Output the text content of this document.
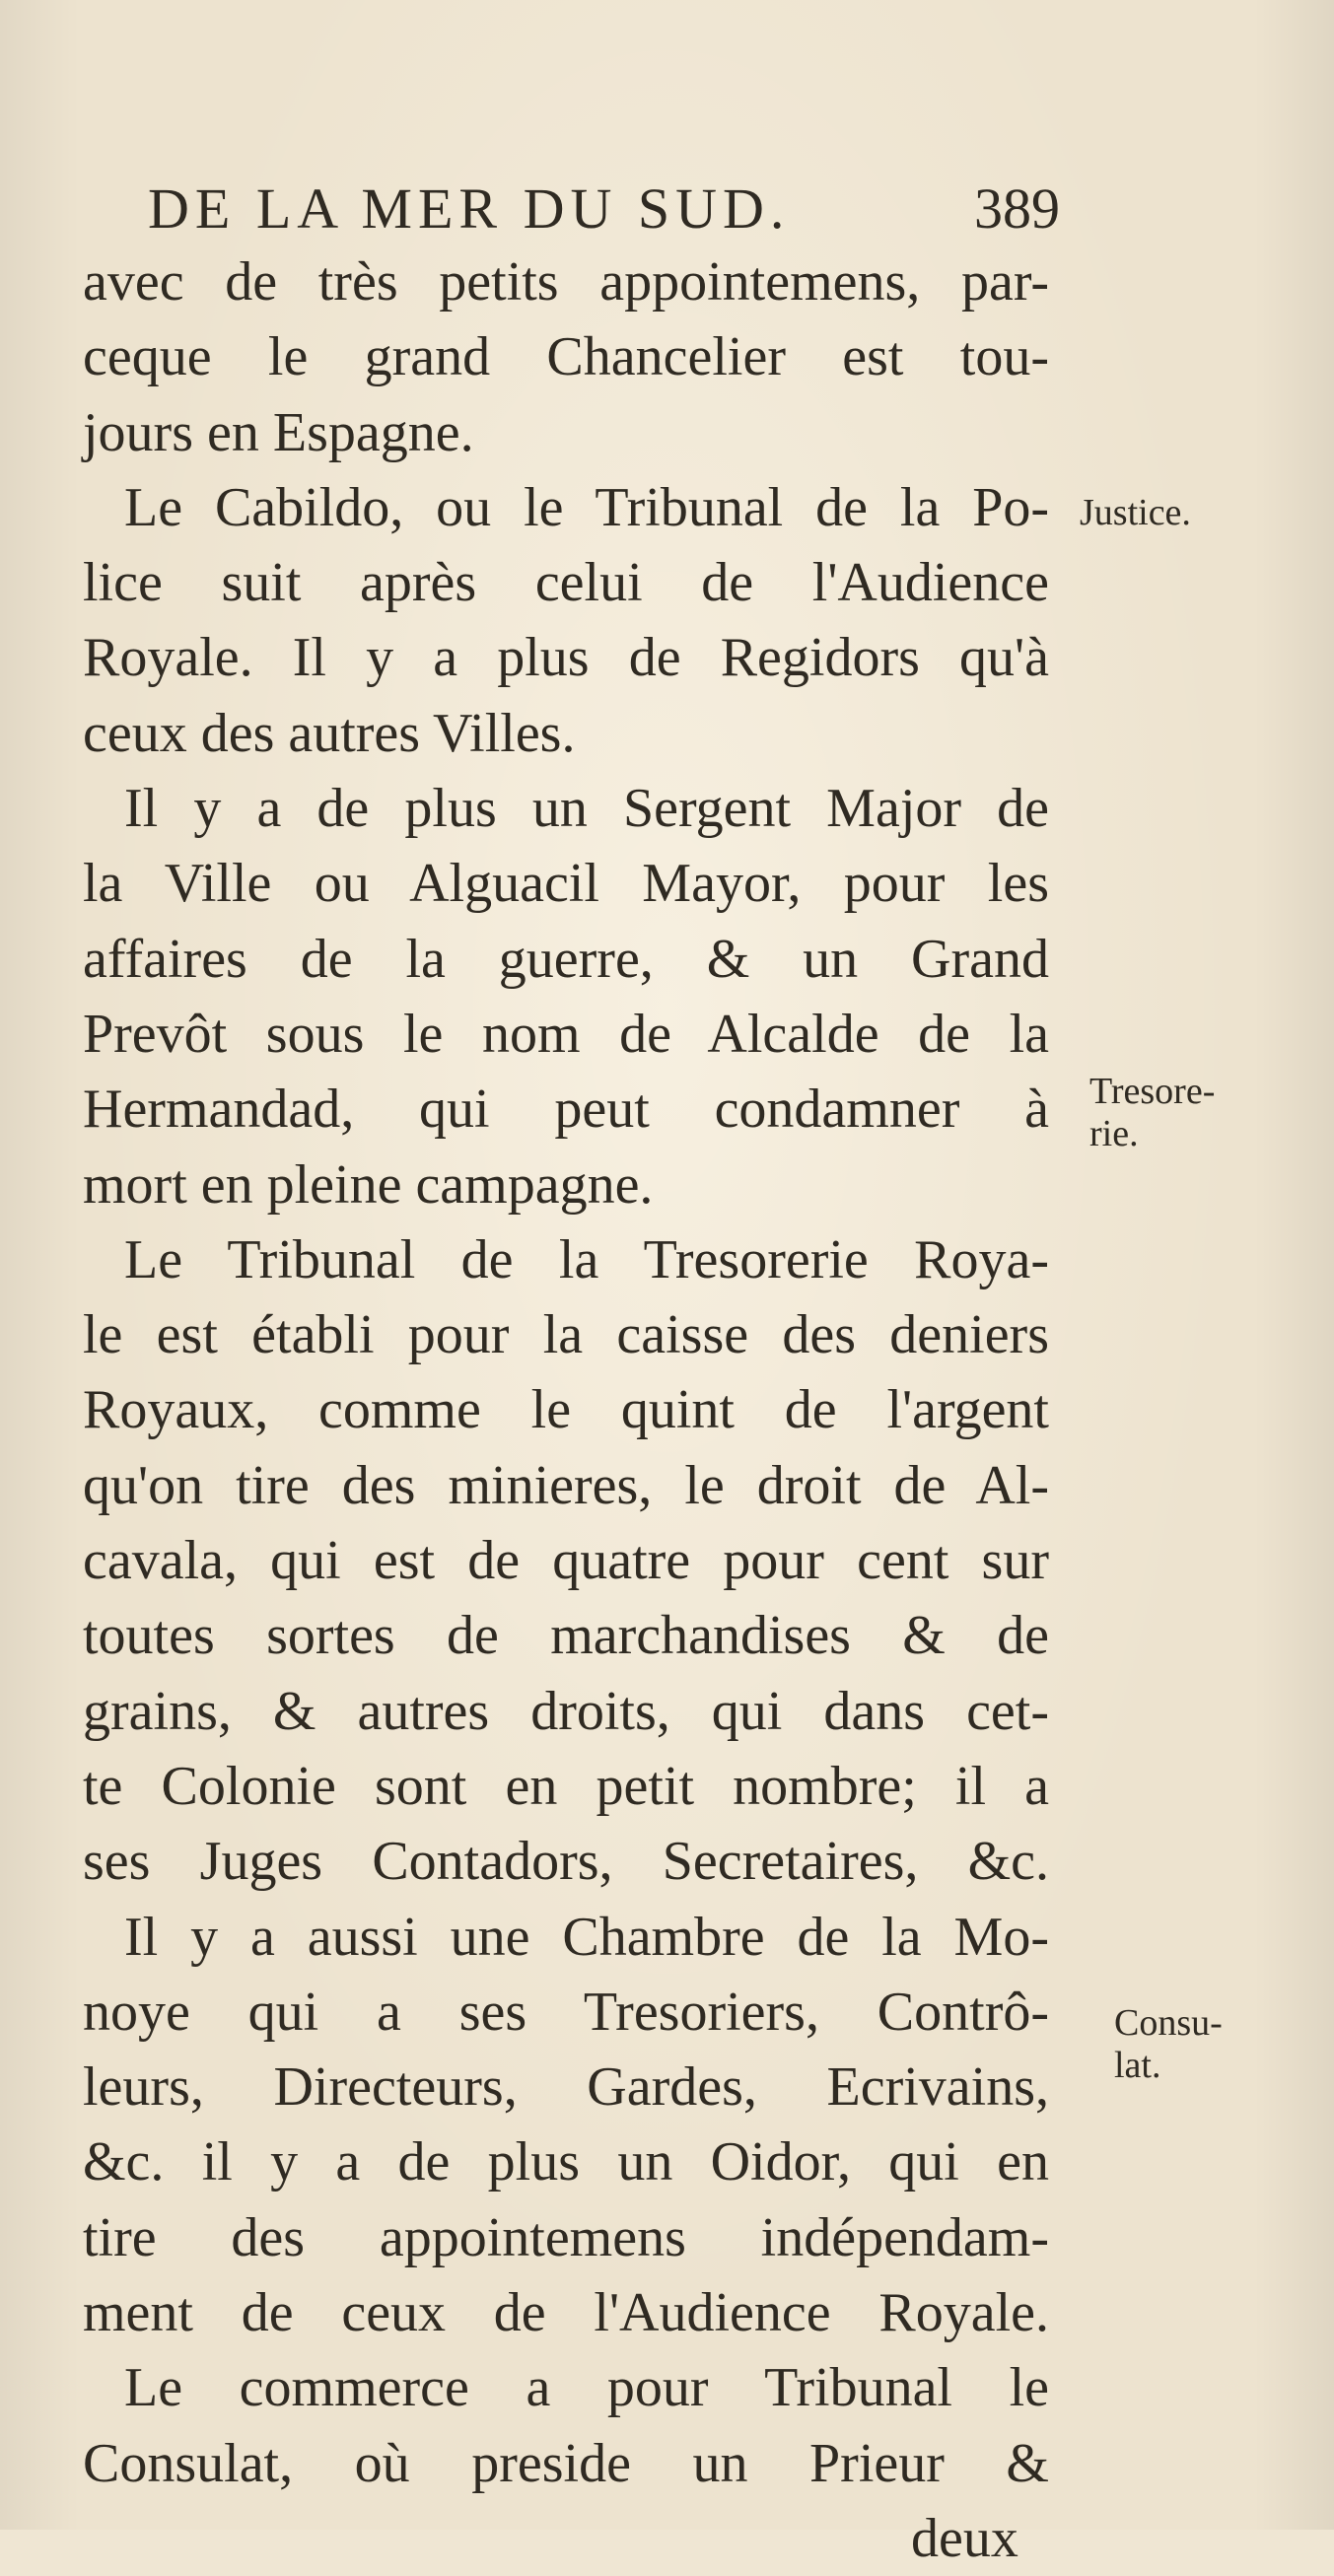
DE LA MER DU SUD.	389
avec de très petits appointemens, par-
ceque le grand Chancelier est tou-
jours en Espagne.
Le Cabildo, ou le Tribunal de la Po-
lice suit après celui de l'Audience
Royale. Il y a plus de Regidors qu'à
ceux des autres Villes.
Il y a de plus un Sergent Major de
la Ville ou Alguacil Mayor, pour les
affaires de la guerre, & un Grand
Prevôt sous le nom de Alcalde de la
Hermandad, qui peut condamner à
mort en pleine campagne.
Le Tribunal de la Tresorerie Roya-
le est établi pour la caisse des deniers
Royaux, comme le quint de l'argent
qu'on tire des minieres, le droit de Al-
cavala, qui est de quatre pour cent sur
toutes sortes de marchandises & de
grains, & autres droits, qui dans cet-
te Colonie sont en petit nombre; il a
ses Juges Contadors, Secretaires, &c.
Il y a aussi une Chambre de la Mo-
noye qui a ses Tresoriers, Contrô-
leurs, Directeurs, Gardes, Ecrivains,
&c. il y a de plus un Oidor, qui en
tire des appointemens indépendam-
ment de ceux de l'Audience Royale.
Le commerce a pour Tribunal le
Consulat, où preside un Prieur &
deux
Justice.
Tresore-
rie.
Consu-
lat.
